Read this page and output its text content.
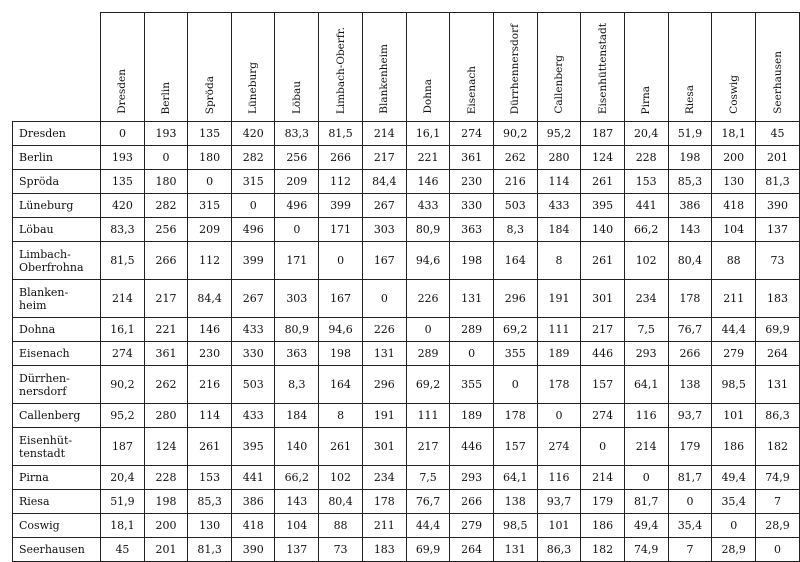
	Dresden	Berlin	Spröda	Lüneburg	Löbau	Limbach-Oberfr.	Blankenheim	Dohna	Eisenach	Dürrhennersdorf	Callenberg	Eisenhüttenstadt	Pirna	Riesa	Coswig	Seerhausen
Dresden	0	193	135	420	83,3	81,5	214	16,1	274	90,2	95,2	187	20,4	51,9	18,1	45
Berlin	193	0	180	282	256	266	217	221	361	262	280	124	228	198	200	201
Spröda	135	180	0	315	209	112	84,4	146	230	216	114	261	153	85,3	130	81,3
Lüneburg	420	282	315	0	496	399	267	433	330	503	433	395	441	386	418	390
Löbau	83,3	256	209	496	0	171	303	80,9	363	8,3	184	140	66,2	143	104	137
Limbach-
Oberfrohna	81,5	266	112	399	171	0	167	94,6	198	164	8	261	102	80,4	88	73
Blanken-
heim	214	217	84,4	267	303	167	0	226	131	296	191	301	234	178	211	183
Dohna	16,1	221	146	433	80,9	94,6	226	0	289	69,2	111	217	7,5	76,7	44,4	69,9
Eisenach	274	361	230	330	363	198	131	289	0	355	189	446	293	266	279	264
Dürrhen-
nersdorf	90,2	262	216	503	8,3	164	296	69,2	355	0	178	157	64,1	138	98,5	131
Callenberg	95,2	280	114	433	184	8	191	111	189	178	0	274	116	93,7	101	86,3
Eisenhüt-
tenstadt	187	124	261	395	140	261	301	217	446	157	274	0	214	179	186	182
Pirna	20,4	228	153	441	66,2	102	234	7,5	293	64,1	116	214	0	81,7	49,4	74,9
Riesa	51,9	198	85,3	386	143	80,4	178	76,7	266	138	93,7	179	81,7	0	35,4	7
Coswig	18,1	200	130	418	104	88	211	44,4	279	98,5	101	186	49,4	35,4	0	28,9
Seerhausen	45	201	81,3	390	137	73	183	69,9	264	131	86,3	182	74,9	7	28,9	0
